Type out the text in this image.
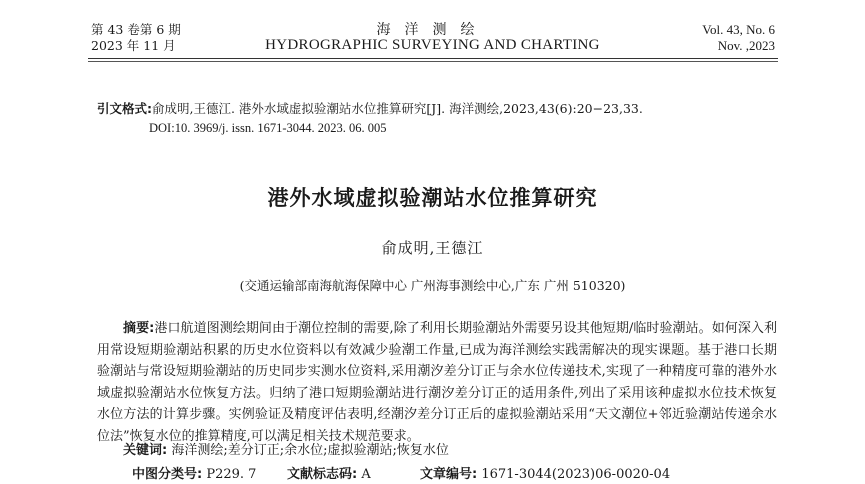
第 43 卷第 6 期
2023 年 11 月
海洋测绘
HYDROGRAPHIC SURVEYING AND CHARTING
Vol. 43, No. 6
Nov. ,2023
引文格式:俞成明,王德江. 港外水域虚拟验潮站水位推算研究[J]. 海洋测绘,2023,43(6):20−23,33.
DOI:10. 3969/j. issn. 1671-3044. 2023. 06. 005
港外水域虚拟验潮站水位推算研究
俞成明,王德江
(交通运输部南海航海保障中心 广州海事测绘中心,广东 广州 510320)
摘要:港口航道图测绘期间由于潮位控制的需要,除了利用长期验潮站外需要另设其他短期/临时验潮站。如何深入利用常设短期验潮站积累的历史水位资料以有效减少验潮工作量,已成为海洋测绘实践需解决的现实课题。基于港口长期验潮站与常设短期验潮站的历史同步实测水位资料,采用潮汐差分订正与余水位传递技术,实现了一种精度可靠的港外水域虚拟验潮站水位恢复方法。归纳了港口短期验潮站进行潮汐差分订正的适用条件,列出了采用该种虚拟水位技术恢复水位方法的计算步骤。实例验证及精度评估表明,经潮汐差分订正后的虚拟验潮站采用“天文潮位+邻近验潮站传递余水位法”恢复水位的推算精度,可以满足相关技术规范要求。
关键词: 海洋测绘;差分订正;余水位;虚拟验潮站;恢复水位
中图分类号: P229. 7 文献标志码: A	文章编号: 1671-3044(2023)06-0020-04
